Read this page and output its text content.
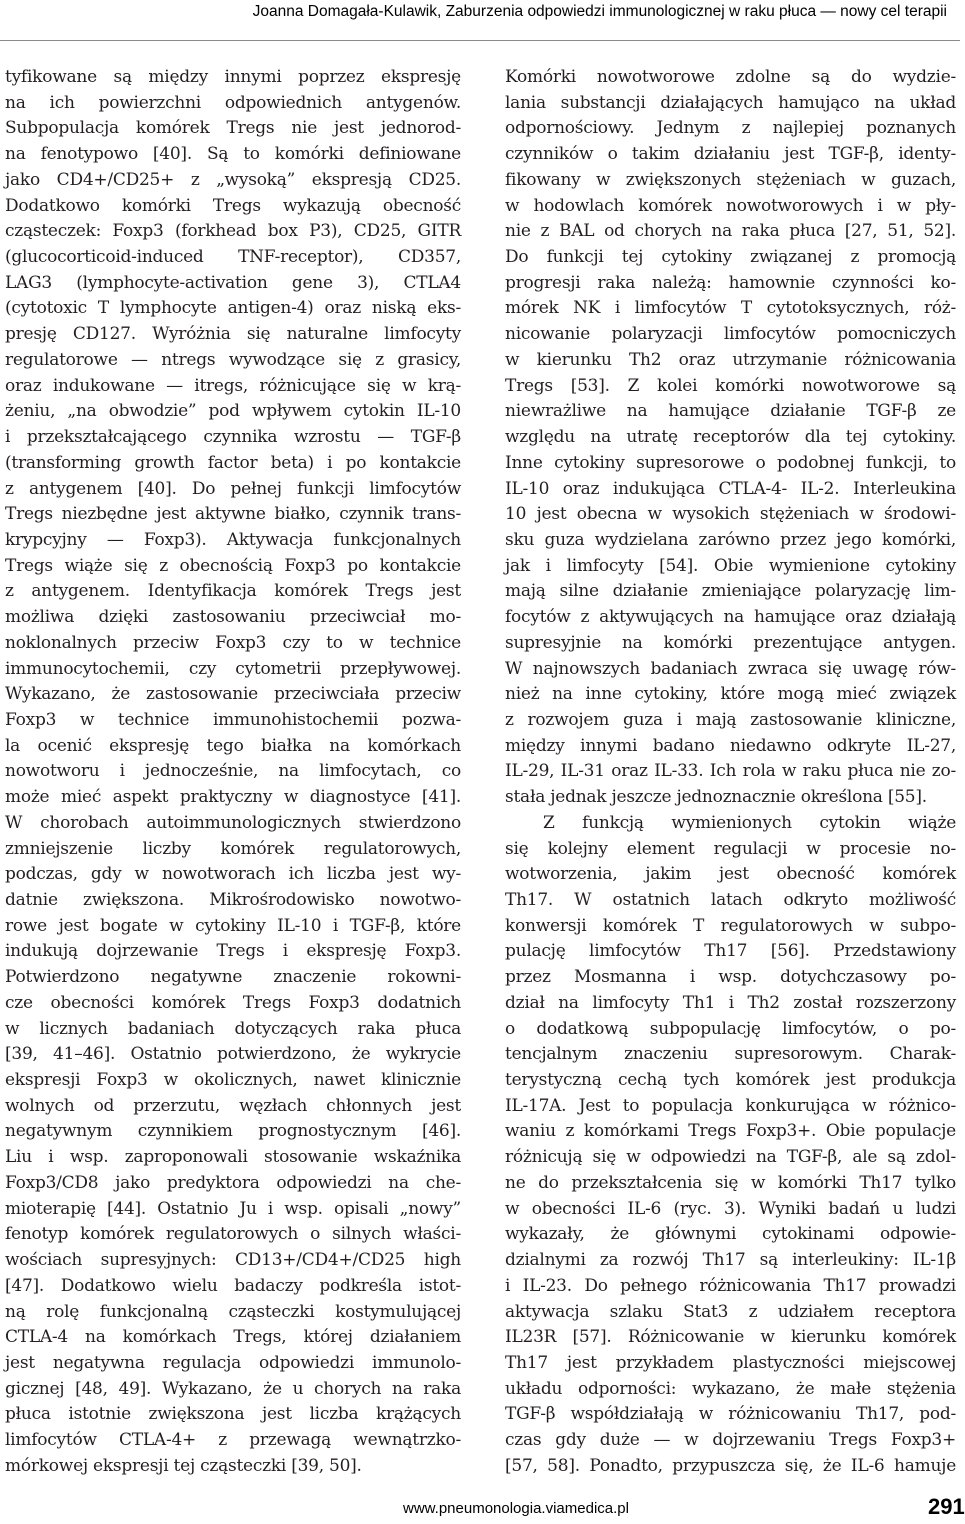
Joanna Domagała-Kulawik, Zaburzenia odpowiedzi immunologicznej w raku płuca — nowy cel terapii
tyfikowane są między innymi poprzez ekspresję
na ich powierzchni odpowiednich antygenów.
Subpopulacja komórek Tregs nie jest jednorod-
na fenotypowo [40]. Są to komórki definiowane
jako CD4+/CD25+ z „wysoką” ekspresją CD25.
Dodatkowo komórki Tregs wykazują obecność
cząsteczek: Foxp3 (forkhead box P3), CD25, GITR
(glucocorticoid-induced TNF-receptor), CD357,
LAG3 (lymphocyte-activation gene 3), CTLA4
(cytotoxic T lymphocyte antigen-4) oraz niską eks-
presję CD127. Wyróżnia się naturalne limfocyty
regulatorowe — ntregs wywodzące się z grasicy,
oraz indukowane — itregs, różnicujące się w krą-
żeniu, „na obwodzie” pod wpływem cytokin IL-10
i przekształcającego czynnika wzrostu — TGF-β
(transforming growth factor beta) i po kontakcie
z antygenem [40]. Do pełnej funkcji limfocytów
Tregs niezbędne jest aktywne białko, czynnik trans-
krypcyjny — Foxp3). Aktywacja funkcjonalnych
Tregs wiąże się z obecnością Foxp3 po kontakcie
z antygenem. Identyfikacja komórek Tregs jest
możliwa dzięki zastosowaniu przeciwciał mo-
noklonalnych przeciw Foxp3 czy to w technice
immunocytochemii, czy cytometrii przepływowej.
Wykazano, że zastosowanie przeciwciała przeciw
Foxp3 w technice immunohistochemii pozwa-
la ocenić ekspresję tego białka na komórkach
nowotworu i jednocześnie, na limfocytach, co
może mieć aspekt praktyczny w diagnostyce [41].
W chorobach autoimmunologicznych stwierdzono
zmniejszenie liczby komórek regulatorowych,
podczas, gdy w nowotworach ich liczba jest wy-
datnie zwiększona. Mikrośrodowisko nowotwo-
rowe jest bogate w cytokiny IL-10 i TGF-β, które
indukują dojrzewanie Tregs i ekspresję Foxp3.
Potwierdzono negatywne znaczenie rokowni-
cze obecności komórek Tregs Foxp3 dodatnich
w licznych badaniach dotyczących raka płuca
[39, 41–46]. Ostatnio potwierdzono, że wykrycie
ekspresji Foxp3 w okolicznych, nawet klinicznie
wolnych od przerzutu, węzłach chłonnych jest
negatywnym czynnikiem prognostycznym [46].
Liu i wsp. zaproponowali stosowanie wskaźnika
Foxp3/CD8 jako predyktora odpowiedzi na che-
mioterapię [44]. Ostatnio Ju i wsp. opisali „nowy”
fenotyp komórek regulatorowych o silnych właści-
wościach supresyjnych: CD13+/CD4+/CD25 high
[47]. Dodatkowo wielu badaczy podkreśla istot-
ną rolę funkcjonalną cząsteczki kostymulującej
CTLA-4 na komórkach Tregs, której działaniem
jest negatywna regulacja odpowiedzi immunolo-
gicznej [48, 49]. Wykazano, że u chorych na raka
płuca istotnie zwiększona jest liczba krążących
limfocytów CTLA-4+ z przewagą wewnątrzko-
mórkowej ekspresji tej cząsteczki [39, 50].
Komórki nowotworowe zdolne są do wydzie-
lania substancji działających hamująco na układ
odpornościowy. Jednym z najlepiej poznanych
czynników o takim działaniu jest TGF-β, identy-
fikowany w zwiększonych stężeniach w guzach,
w hodowlach komórek nowotworowych i w pły-
nie z BAL od chorych na raka płuca [27, 51, 52].
Do funkcji tej cytokiny związanej z promocją
progresji raka należą: hamownie czynności ko-
mórek NK i limfocytów T cytotoksycznych, róż-
nicowanie polaryzacji limfocytów pomocniczych
w kierunku Th2 oraz utrzymanie różnicowania
Tregs [53]. Z kolei komórki nowotworowe są
niewrażliwe na hamujące działanie TGF-β ze
względu na utratę receptorów dla tej cytokiny.
Inne cytokiny supresorowe o podobnej funkcji, to
IL-10 oraz indukująca CTLA-4- IL-2. Interleukina
10 jest obecna w wysokich stężeniach w środowi-
sku guza wydzielana zarówno przez jego komórki,
jak i limfocyty [54]. Obie wymienione cytokiny
mają silne działanie zmieniające polaryzację lim-
focytów z aktywujących na hamujące oraz działają
supresyjnie na komórki prezentujące antygen.
W najnowszych badaniach zwraca się uwagę rów-
nież na inne cytokiny, które mogą mieć związek
z rozwojem guza i mają zastosowanie kliniczne,
między innymi badano niedawno odkryte IL-27,
IL-29, IL-31 oraz IL-33. Ich rola w raku płuca nie zo-
stała jednak jeszcze jednoznacznie określona [55].
Z funkcją wymienionych cytokin wiąże
się kolejny element regulacji w procesie no-
wotworzenia, jakim jest obecność komórek
Th17. W ostatnich latach odkryto możliwość
konwersji komórek T regulatorowych w subpo-
pulację limfocytów Th17 [56]. Przedstawiony
przez Mosmanna i wsp. dotychczasowy po-
dział na limfocyty Th1 i Th2 został rozszerzony
o dodatkową subpopulację limfocytów, o po-
tencjalnym znaczeniu supresorowym. Charak-
terystyczną cechą tych komórek jest produkcja
IL-17A. Jest to populacja konkurująca w różnico-
waniu z komórkami Tregs Foxp3+. Obie populacje
różnicują się w odpowiedzi na TGF-β, ale są zdol-
ne do przekształcenia się w komórki Th17 tylko
w obecności IL-6 (ryc. 3). Wyniki badań u ludzi
wykazały, że głównymi cytokinami odpowie-
dzialnymi za rozwój Th17 są interleukiny: IL-1β
i IL-23. Do pełnego różnicowania Th17 prowadzi
aktywacja szlaku Stat3 z udziałem receptora
IL23R [57]. Różnicowanie w kierunku komórek
Th17 jest przykładem plastyczności miejscowej
układu odporności: wykazano, że małe stężenia
TGF-β współdziałają w różnicowaniu Th17, pod-
czas gdy duże — w dojrzewaniu Tregs Foxp3+
[57, 58]. Ponadto, przypuszcza się, że IL-6 hamuje
www.pneumonologia.viamedica.pl	291
